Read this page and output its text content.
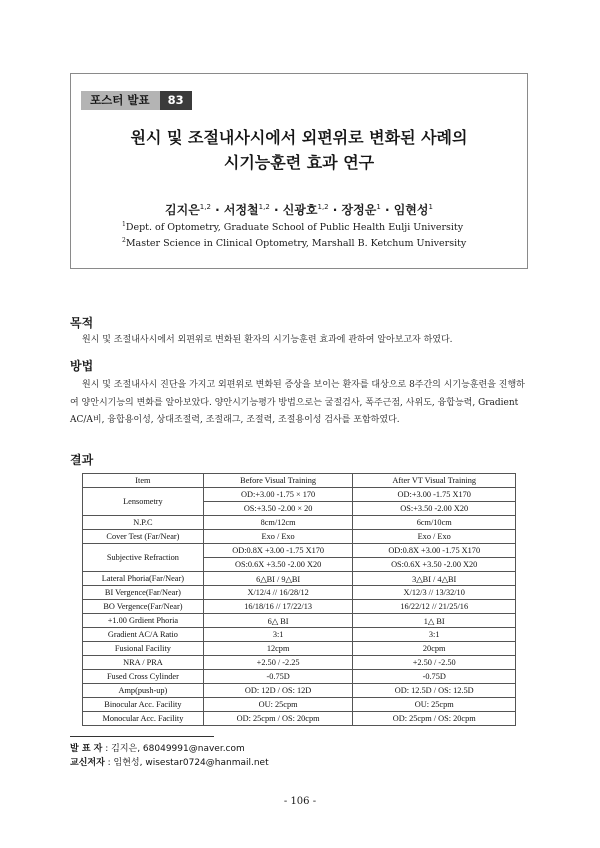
포스터 발표	83
원시 및 조절내사시에서 외편위로 변화된 사례의
시기능훈련 효과 연구
김지은$^{1,2}$ · 서정철$^{1,2}$ · 신광호$^{1,2}$ · 장정운$^1$ · 임현성$^1$
$^1$Dept. of Optometry, Graduate School of Public Health Eulji University
$^2$Master Science in Clinical Optometry, Marshall B. Ketchum University
목적
원시 및 조절내사시에서 외편위로 변화된 환자의 시기능훈련 효과에 관하여 알아보고자 하였다.
방법
원시 및 조절내사시 진단을 가지고 외편위로 변화된 증상을 보이는 환자를 대상으로 8주간의 시기능훈련을 진행하여 양안시기능의 변화를 알아보았다. 양안시기능평가 방법으로는 굴절검사, 폭주근점, 사위도, 융합능력, Gradient AC/A비, 융합용이성, 상대조절력, 조절래그, 조절력, 조절용이성 검사를 포함하였다.
결과
Item	Before Visual Training	After VT Visual Training
Lensometry	OD:+3.00 -1.75 × 170	OD:+3.00 -1.75 X170
	OS:+3.50 -2.00 × 20	OS:+3.50 -2.00 X20
N.P.C	8cm/12cm	6cm/10cm
Cover Test (Far/Near)	Exo / Exo	Exo / Exo
Subjective Refraction	OD:0.8X +3.00 -1.75 X170	OD:0.8X +3.00 -1.75 X170
	OS:0.6X +3.50 -2.00 X20	OS:0.6X +3.50 -2.00 X20
Lateral Phoria(Far/Near)	6△BI / 9△BI	3△BI / 4△BI
BI Vergence(Far/Near)	X/12/4 // 16/28/12	X/12/3 // 13/32/10
BO Vergence(Far/Near)	16/18/16 // 17/22/13	16/22/12 // 21/25/16
+1.00 Grdient Phoria	6△ BI	1△ BI
Gradient AC/A Ratio	3:1	3:1
Fusional Facility	12cpm	20cpm
NRA / PRA	+2.50 / -2.25	+2.50 / -2.50
Fused Cross Cylinder	-0.75D	-0.75D
Amp(push-up)	OD: 12D / OS: 12D	OD: 12.5D / OS: 12.5D
Binocular Acc. Facility	OU: 25cpm	OU: 25cpm
Monocular Acc. Facility	OD: 25cpm / OS: 20cpm	OD: 25cpm / OS: 20cpm
발 표 자 : 김지은, 68049991@naver.com
교신저자 : 임현성, wisestar0724@hanmail.net
- 106 -
